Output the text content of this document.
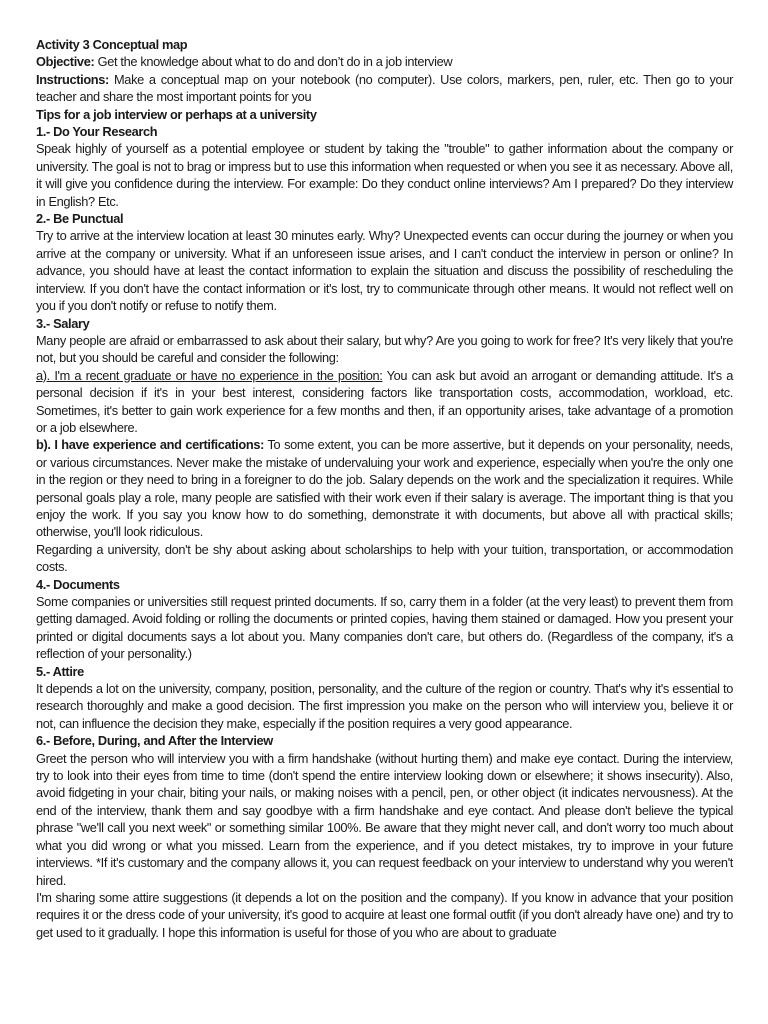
Activity 3 Conceptual map

Objective: Get the knowledge about what to do and don’t do in a job interview

Instructions: Make a conceptual map on your notebook (no computer). Use colors, markers, pen, ruler, etc. Then go to your teacher and share the most important points for you

Tips for a job interview or perhaps at a university

1.- Do Your Research

Speak highly of yourself as a potential employee or student by taking the "trouble" to gather information about the company or university. The goal is not to brag or impress but to use this information when requested or when you see it as necessary. Above all, it will give you confidence during the interview. For example: Do they conduct online interviews? Am I prepared? Do they interview in English? Etc.

2.- Be Punctual

Try to arrive at the interview location at least 30 minutes early. Why? Unexpected events can occur during the journey or when you arrive at the company or university. What if an unforeseen issue arises, and I can't conduct the interview in person or online? In advance, you should have at least the contact information to explain the situation and discuss the possibility of rescheduling the interview. If you don't have the contact information or it's lost, try to communicate through other means. It would not reflect well on you if you don't notify or refuse to notify them.

3.- Salary

Many people are afraid or embarrassed to ask about their salary, but why? Are you going to work for free? It's very likely that you're not, but you should be careful and consider the following:

a). I'm a recent graduate or have no experience in the position: You can ask but avoid an arrogant or demanding attitude. It's a personal decision if it's in your best interest, considering factors like transportation costs, accommodation, workload, etc. Sometimes, it's better to gain work experience for a few months and then, if an opportunity arises, take advantage of a promotion or a job elsewhere.

b). I have experience and certifications: To some extent, you can be more assertive, but it depends on your personality, needs, or various circumstances. Never make the mistake of undervaluing your work and experience, especially when you're the only one in the region or they need to bring in a foreigner to do the job. Salary depends on the work and the specialization it requires. While personal goals play a role, many people are satisfied with their work even if their salary is average. The important thing is that you enjoy the work. If you say you know how to do something, demonstrate it with documents, but above all with practical skills; otherwise, you'll look ridiculous.

Regarding a university, don't be shy about asking about scholarships to help with your tuition, transportation, or accommodation costs.

4.- Documents

Some companies or universities still request printed documents. If so, carry them in a folder (at the very least) to prevent them from getting damaged. Avoid folding or rolling the documents or printed copies, having them stained or damaged. How you present your printed or digital documents says a lot about you. Many companies don't care, but others do. (Regardless of the company, it's a reflection of your personality.)

5.- Attire

It depends a lot on the university, company, position, personality, and the culture of the region or country. That's why it's essential to research thoroughly and make a good decision. The first impression you make on the person who will interview you, believe it or not, can influence the decision they make, especially if the position requires a very good appearance.

6.- Before, During, and After the Interview

Greet the person who will interview you with a firm handshake (without hurting them) and make eye contact. During the interview, try to look into their eyes from time to time (don't spend the entire interview looking down or elsewhere; it shows insecurity). Also, avoid fidgeting in your chair, biting your nails, or making noises with a pencil, pen, or other object (it indicates nervousness). At the end of the interview, thank them and say goodbye with a firm handshake and eye contact. And please don't believe the typical phrase "we'll call you next week" or something similar 100%. Be aware that they might never call, and don't worry too much about what you did wrong or what you missed. Learn from the experience, and if you detect mistakes, try to improve in your future interviews. *If it's customary and the company allows it, you can request feedback on your interview to understand why you weren't hired.

I'm sharing some attire suggestions (it depends a lot on the position and the company). If you know in advance that your position requires it or the dress code of your university, it's good to acquire at least one formal outfit (if you don't already have one) and try to get used to it gradually. I hope this information is useful for those of you who are about to graduate
